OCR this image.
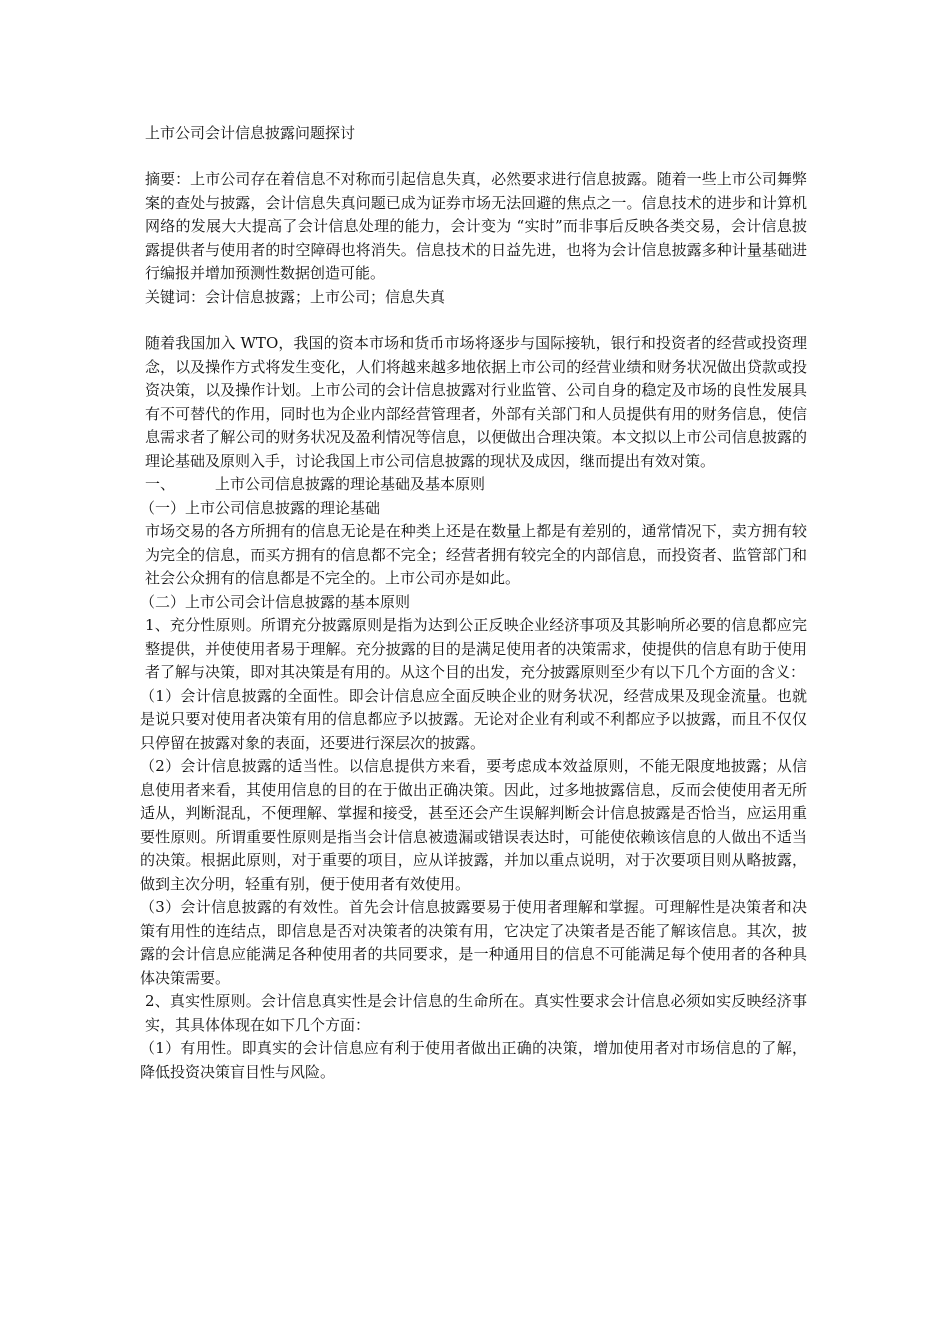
上市公司会计信息披露问题探讨

摘要：上市公司存在着信息不对称而引起信息失真，必然要求进行信息披露。随着一些上市公司舞弊案的查处与披露，会计信息失真问题已成为证券市场无法回避的焦点之一。信息技术的进步和计算机网络的发展大大提高了会计信息处理的能力，会计变为 “实时”而非事后反映各类交易，会计信息披露提供者与使用者的时空障碍也将消失。信息技术的日益先进，也将为会计信息披露多种计量基础进行编报并增加预测性数据创造可能。

关键词：会计信息披露；上市公司；信息失真

随着我国加入 WTO，我国的资本市场和货币市场将逐步与国际接轨，银行和投资者的经营或投资理念，以及操作方式将发生变化，人们将越来越多地依据上市公司的经营业绩和财务状况做出贷款或投资决策，以及操作计划。上市公司的会计信息披露对行业监管、公司自身的稳定及市场的良性发展具有不可替代的作用，同时也为企业内部经营管理者，外部有关部门和人员提供有用的财务信息，使信息需求者了解公司的财务状况及盈利情况等信息，以便做出合理决策。本文拟以上市公司信息披露的理论基础及原则入手，讨论我国上市公司信息披露的现状及成因，继而提出有效对策。

一、	上市公司信息披露的理论基础及基本原则

（一）上市公司信息披露的理论基础

市场交易的各方所拥有的信息无论是在种类上还是在数量上都是有差别的，通常情况下，卖方拥有较为完全的信息，而买方拥有的信息都不完全；经营者拥有较完全的内部信息，而投资者、监管部门和社会公众拥有的信息都是不完全的。上市公司亦是如此。

（二）上市公司会计信息披露的基本原则

1、充分性原则。所谓充分披露原则是指为达到公正反映企业经济事项及其影响所必要的信息都应完整提供，并使使用者易于理解。充分披露的目的是满足使用者的决策需求，使提供的信息有助于使用者了解与决策，即对其决策是有用的。从这个目的出发，充分披露原则至少有以下几个方面的含义：

（1）会计信息披露的全面性。即会计信息应全面反映企业的财务状况，经营成果及现金流量。也就是说只要对使用者决策有用的信息都应予以披露。无论对企业有利或不利都应予以披露，而且不仅仅只停留在披露对象的表面，还要进行深层次的披露。

（2）会计信息披露的适当性。以信息提供方来看，要考虑成本效益原则，不能无限度地披露；从信息使用者来看，其使用信息的目的在于做出正确决策。因此，过多地披露信息，反而会使使用者无所适从，判断混乱，不便理解、掌握和接受，甚至还会产生误解判断会计信息披露是否恰当，应运用重要性原则。所谓重要性原则是指当会计信息被遗漏或错误表达时，可能使依赖该信息的人做出不适当的决策。根据此原则，对于重要的项目，应从详披露，并加以重点说明，对于次要项目则从略披露，做到主次分明，轻重有别，便于使用者有效使用。

（3）会计信息披露的有效性。首先会计信息披露要易于使用者理解和掌握。可理解性是决策者和决策有用性的连结点，即信息是否对决策者的决策有用，它决定了决策者是否能了解该信息。其次，披露的会计信息应能满足各种使用者的共同要求，是一种通用目的信息不可能满足每个使用者的各种具体决策需要。

2、真实性原则。会计信息真实性是会计信息的生命所在。真实性要求会计信息必须如实反映经济事实，其具体体现在如下几个方面：

（1）有用性。即真实的会计信息应有利于使用者做出正确的决策，增加使用者对市场信息的了解，降低投资决策盲目性与风险。
